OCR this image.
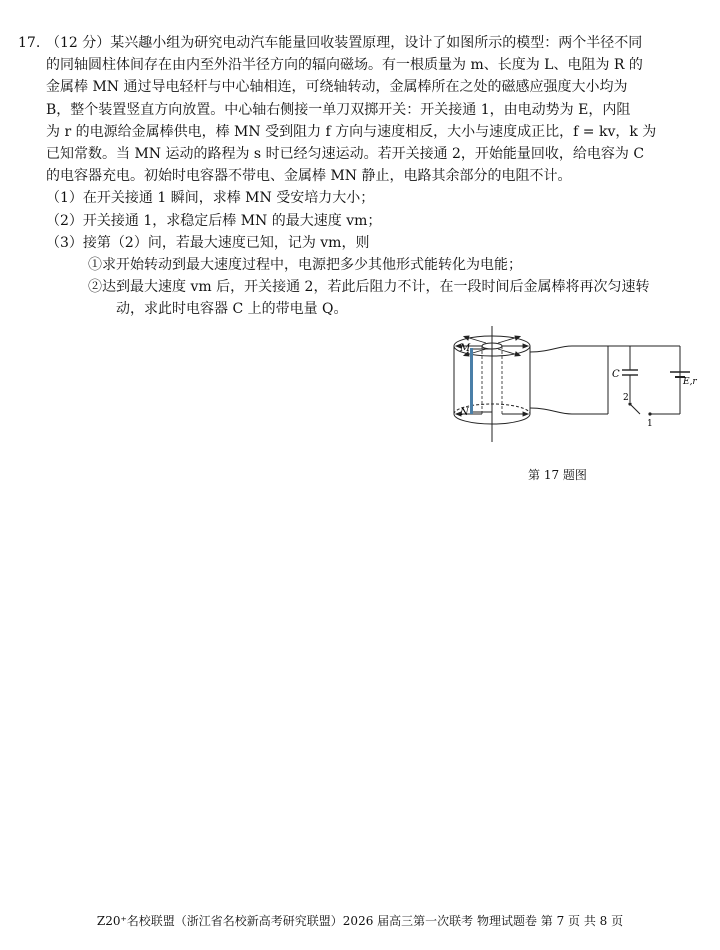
17. （12 分）某兴趣小组为研究电动汽车能量回收装置原理，设计了如图所示的模型：两个半径不同
的同轴圆柱体间存在由内至外沿半径方向的辐向磁场。有一根质量为 m、长度为 L、电阻为 R 的
金属棒 MN 通过导电轻杆与中心轴相连，可绕轴转动，金属棒所在之处的磁感应强度大小均为
B，整个装置竖直方向放置。中心轴右侧接一单刀双掷开关：开关接通 1，由电动势为 E，内阻
为 r 的电源给金属棒供电，棒 MN 受到阻力 f 方向与速度相反，大小与速度成正比，f = kv，k 为
已知常数。当 MN 运动的路程为 s 时已经匀速运动。若开关接通 2，开始能量回收，给电容为 C
的电容器充电。初始时电容器不带电、金属棒 MN 静止，电路其余部分的电阻不计。
（1）在开关接通 1 瞬间，求棒 MN 受安培力大小；
（2）开关接通 1，求稳定后棒 MN 的最大速度 vm；
（3）接第（2）问，若最大速度已知，记为 vm，则
①求开始转动到最大速度过程中，电源把多少其他形式能转化为电能；
②达到最大速度 vm 后，开关接通 2，若此后阻力不计，在一段时间后金属棒将再次匀速转
动，求此时电容器 C 上的带电量 Q。
M
N
C
E,r
2
1
第 17 题图
Z20⁺名校联盟（浙江省名校新高考研究联盟）2026 届高三第一次联考 物理试题卷 第 7 页 共 8 页
